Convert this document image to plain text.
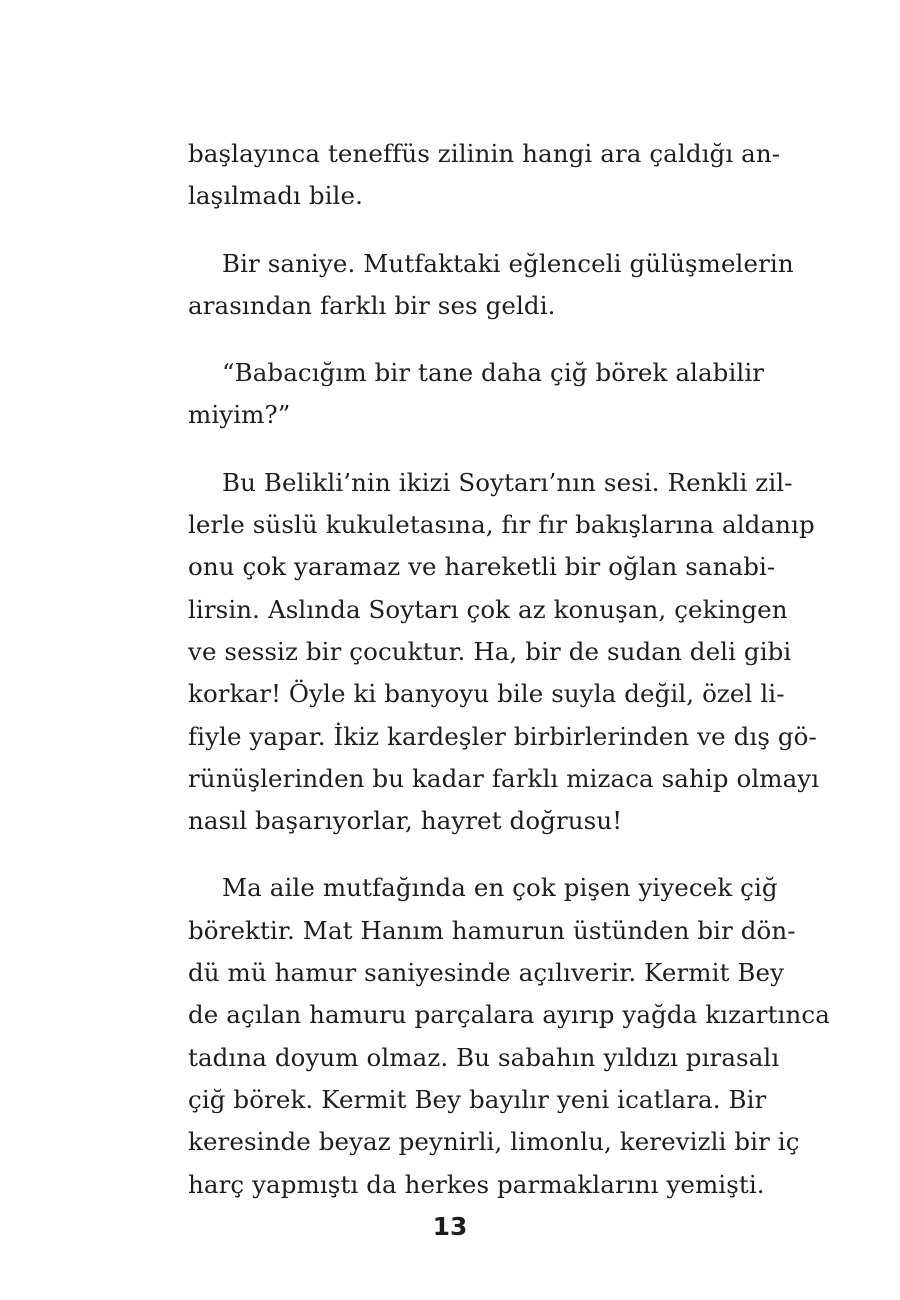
başlayınca teneffüs zilinin hangi ara çaldığı an-
laşılmadı bile.
Bir saniye. Mutfaktaki eğlenceli gülüşmelerin
arasından farklı bir ses geldi.
“Babacığım bir tane daha çiğ börek alabilir
miyim?”
Bu Belikli’nin ikizi Soytarı’nın sesi. Renkli zil-
lerle süslü kukuletasına, fır fır bakışlarına aldanıp
onu çok yaramaz ve hareketli bir oğlan sanabi-
lirsin. Aslında Soytarı çok az konuşan, çekingen
ve sessiz bir çocuktur. Ha, bir de sudan deli gibi
korkar! Öyle ki banyoyu bile suyla değil, özel li-
fiyle yapar. İkiz kardeşler birbirlerinden ve dış gö-
rünüşlerinden bu kadar farklı mizaca sahip olmayı
nasıl başarıyorlar, hayret doğrusu!
Ma aile mutfağında en çok pişen yiyecek çiğ
börektir. Mat Hanım hamurun üstünden bir dön-
dü mü hamur saniyesinde açılıverir. Kermit Bey
de açılan hamuru parçalara ayırıp yağda kızartınca
tadına doyum olmaz. Bu sabahın yıldızı pırasalı
çiğ börek. Kermit Bey bayılır yeni icatlara. Bir
keresinde beyaz peynirli, limonlu, kerevizli bir iç
harç yapmıştı da herkes parmaklarını yemişti.
13
